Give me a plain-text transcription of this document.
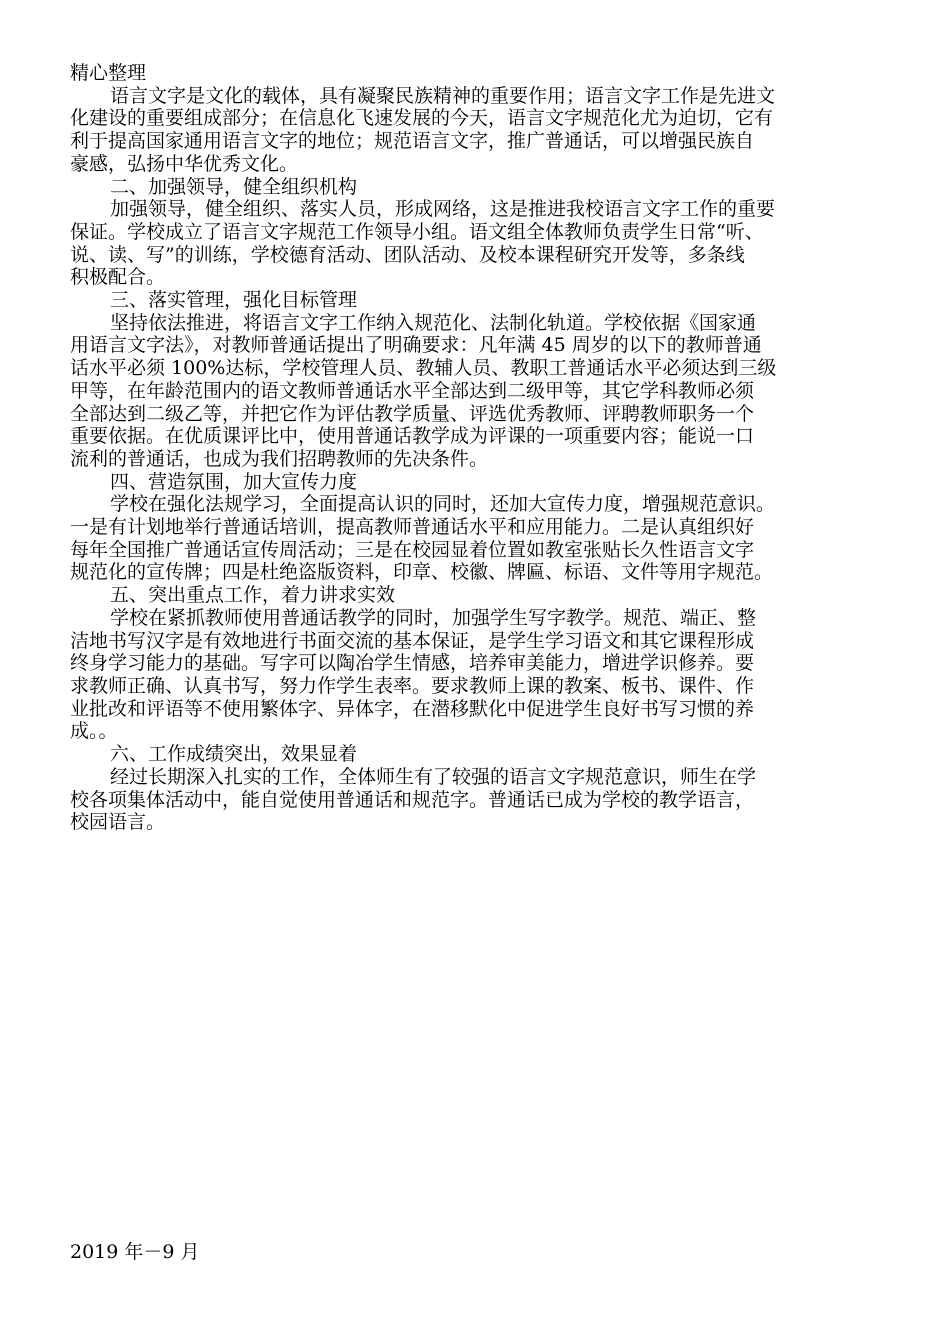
精心整理
语言文字是文化的载体，具有凝聚民族精神的重要作用；语言文字工作是先进文
化建设的重要组成部分；在信息化飞速发展的今天，语言文字规范化尤为迫切，它有
利于提高国家通用语言文字的地位；规范语言文字，推广普通话，可以增强民族自
豪感，弘扬中华优秀文化。
二、加强领导，健全组织机构
加强领导，健全组织、落实人员，形成网络，这是推进我校语言文字工作的重要
保证。学校成立了语言文字规范工作领导小组。语文组全体教师负责学生日常“听、
说、读、写”的训练，学校德育活动、团队活动、及校本课程研究开发等，多条线
积极配合。
三、落实管理，强化目标管理
坚持依法推进，将语言文字工作纳入规范化、法制化轨道。学校依据《国家通
用语言文字法》，对教师普通话提出了明确要求：凡年满 45 周岁的以下的教师普通
话水平必须 100%达标，学校管理人员、教辅人员、教职工普通话水平必须达到三级
甲等，在年龄范围内的语文教师普通话水平全部达到二级甲等，其它学科教师必须
全部达到二级乙等，并把它作为评估教学质量、评选优秀教师、评聘教师职务一个
重要依据。在优质课评比中，使用普通话教学成为评课的一项重要内容；能说一口
流利的普通话，也成为我们招聘教师的先决条件。
四、营造氛围，加大宣传力度
学校在强化法规学习，全面提高认识的同时，还加大宣传力度，增强规范意识。
一是有计划地举行普通话培训，提高教师普通话水平和应用能力。二是认真组织好
每年全国推广普通话宣传周活动；三是在校园显着位置如教室张贴长久性语言文字
规范化的宣传牌；四是杜绝盗版资料，印章、校徽、牌匾、标语、文件等用字规范。
五、突出重点工作，着力讲求实效
学校在紧抓教师使用普通话教学的同时，加强学生写字教学。规范、端正、整
洁地书写汉字是有效地进行书面交流的基本保证，是学生学习语文和其它课程形成
终身学习能力的基础。写字可以陶冶学生情感，培养审美能力，增进学识修养。要
求教师正确、认真书写，努力作学生表率。要求教师上课的教案、板书、课件、作
业批改和评语等不使用繁体字、异体字，在潜移默化中促进学生良好书写习惯的养
成。。
六、工作成绩突出，效果显着
经过长期深入扎实的工作，全体师生有了较强的语言文字规范意识，师生在学
校各项集体活动中，能自觉使用普通话和规范字。普通话已成为学校的教学语言，
校园语言。
2019 年－9 月
